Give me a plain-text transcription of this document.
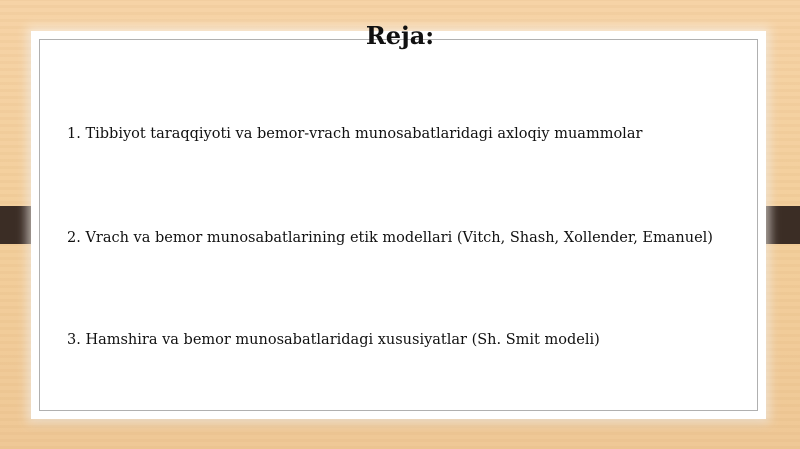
Reja:
1. Tibbiyot taraqqiyoti va bemor-vrach munosabatlaridagi axloqiy muammolar
2. Vrach va bemor munosabatlarining etik modellari (Vitch, Shash, Xollender, Emanuel)
3. Hamshira va bemor munosabatlaridagi xususiyatlar (Sh. Smit modeli)
